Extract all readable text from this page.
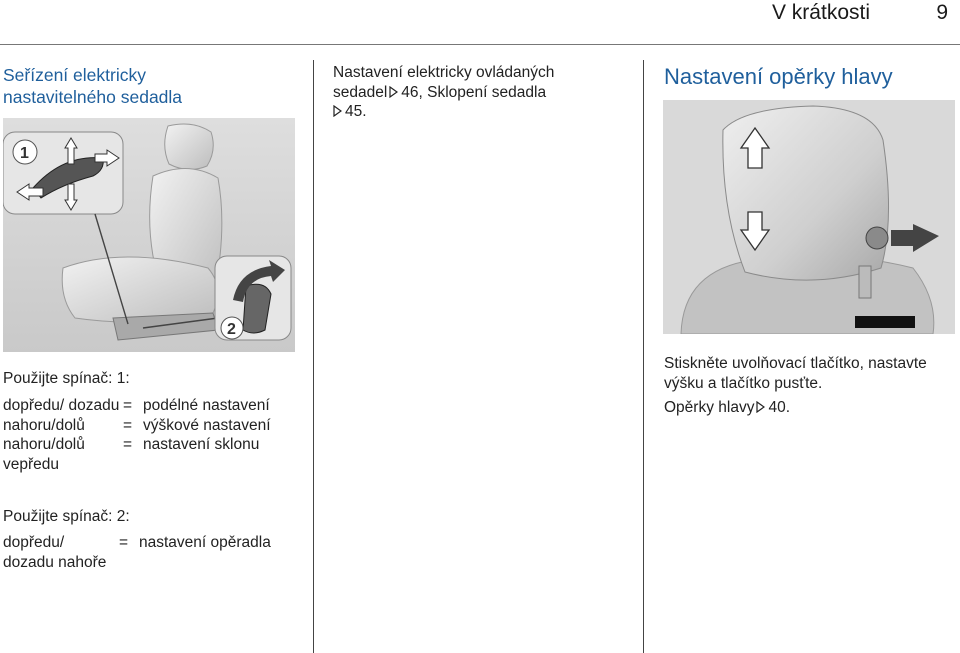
V krátkosti	9
Seřízení elektricky nastavitelného sedadla
1
2
Použijte spínač: 1:
dopředu/ dozadu = podélné nastavení
nahoru/dolů	= výškové nastavení
nahoru/dolů vepředu
= nastavení sklonu
Použijte spínač: 2:
dopředu/ dozadu nahoře
= nastavení opěradla
Nastavení elektricky ovládaných
sedadel 46, Sklopení sedadla
45.
Nastavení opěrky hlavy
Stiskněte uvolňovací tlačítko, nastavte výšku a tlačítko pusťte.
Opěrky hlavy 40.
